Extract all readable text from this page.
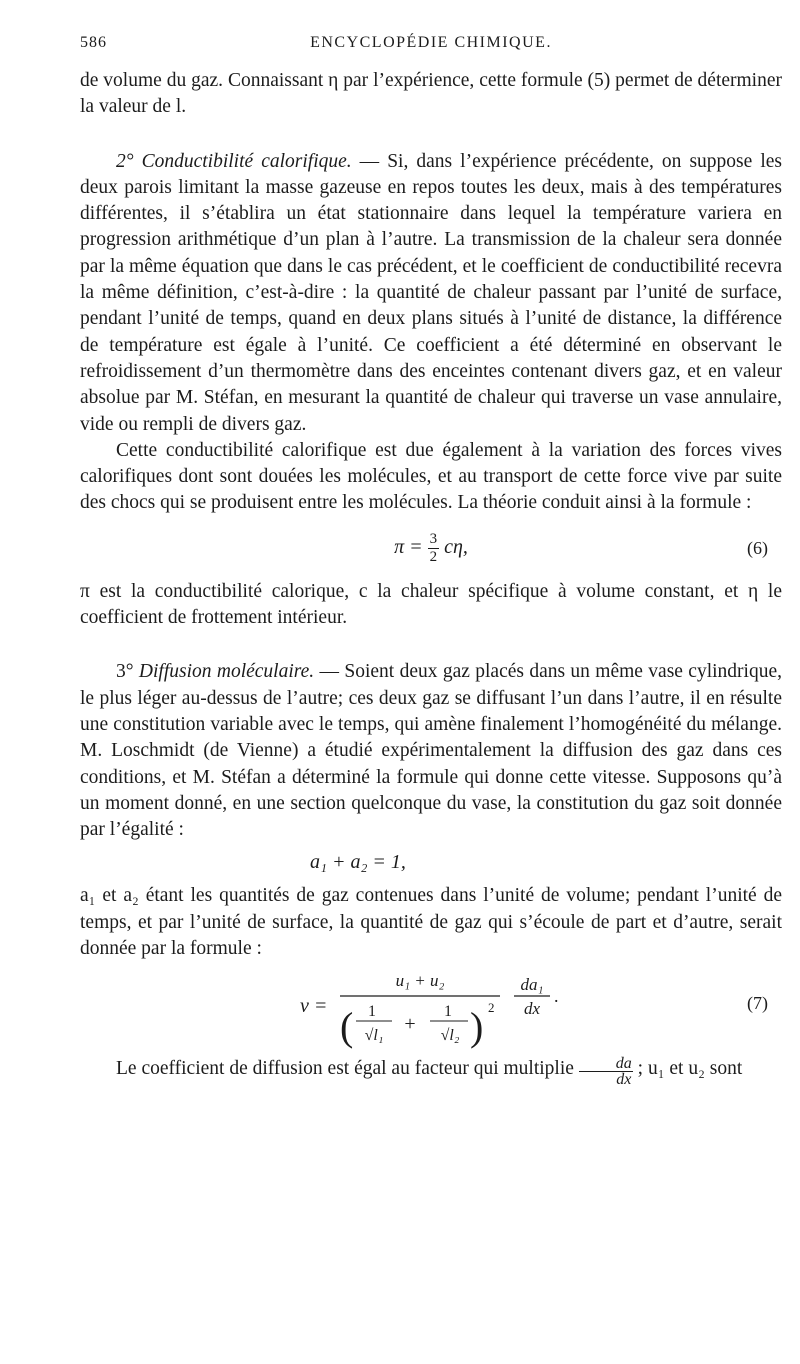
586	ENCYCLOPÉDIE CHIMIQUE.

de volume du gaz. Connaissant η par l’expérience, cette formule (5) permet de déterminer la valeur de l.

2° Conductibilité calorifique. — Si, dans l’expérience précédente, on suppose les deux parois limitant la masse gazeuse en repos toutes les deux, mais à des températures différentes, il s’établira un état stationnaire dans lequel la température variera en progression arithmétique d’un plan à l’autre. La transmission de la chaleur sera donnée par la même équation que dans le cas précédent, et le coefficient de conductibilité recevra la même définition, c’est-à-dire : la quantité de chaleur passant par l’unité de surface, pendant l’unité de temps, quand en deux plans situés à l’unité de distance, la différence de température est égale à l’unité. Ce coefficient a été déterminé en observant le refroidissement d’un thermomètre dans des enceintes contenant divers gaz, et en valeur absolue par M. Stéfan, en mesurant la quantité de chaleur qui traverse un vase annulaire, vide ou rempli de divers gaz.

Cette conductibilité calorifique est due également à la variation des forces vives calorifiques dont sont douées les molécules, et au transport de cette force vive par suite des chocs qui se produisent entre les molécules. La théorie conduit ainsi à la formule :

$\pi = \frac{3}{2} c\eta$,	(6)

π est la conductibilité calorique, c la chaleur spécifique à volume constant, et η le coefficient de frottement intérieur.

3° Diffusion moléculaire. — Soient deux gaz placés dans un même vase cylindrique, le plus léger au-dessus de l’autre; ces deux gaz se diffusant l’un dans l’autre, il en résulte une constitution variable avec le temps, qui amène finalement l’homogénéité du mélange. M. Loschmidt (de Vienne) a étudié expérimentalement la diffusion des gaz dans ces conditions, et M. Stéfan a déterminé la formule qui donne cette vitesse. Supposons qu’à un moment donné, en une section quelconque du vase, la constitution du gaz soit donnée par l’égalité :

a₁ + a₂ = 1,

a₁ et a₂ étant les quantités de gaz contenues dans l’unité de volume; pendant l’unité de temps, et par l’unité de surface, la quantité de gaz qui s’écoule de part et d’autre, serait donnée par la formule :

v =
u₁ + u₂
( 1
√l₁
+
1
√l₂ ) 2
da₁
dx
.	(7)

Le coefficient de diffusion est égal au facteur qui multiplie $\frac{da}{dx}$ ; u₁ et u₂ sont
